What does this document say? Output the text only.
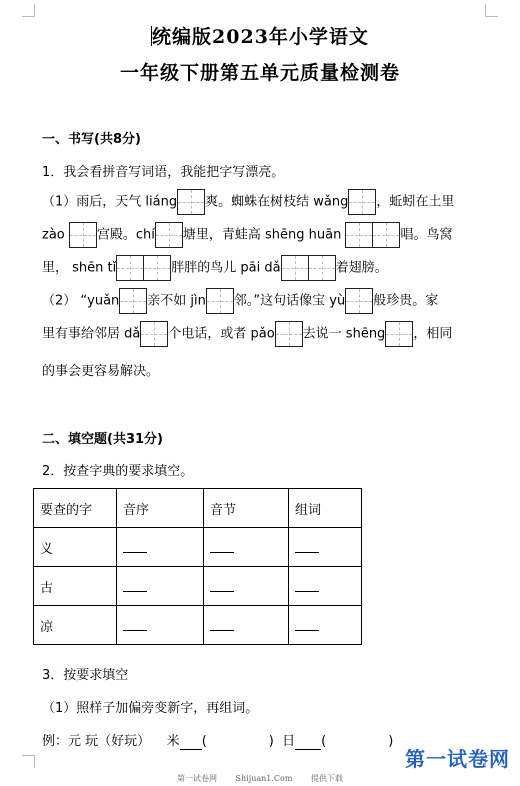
统编版2023年小学语文
一年级下册第五单元质量检测卷
一、书写(共8分)
1．我会看拼音写词语，我能把字写漂亮。
（1）雨后，天气 liáng 爽。蜘蛛在树枝结 wǎng ，蚯蚓在土里
zào 宫殿。chí 塘里，青蛙高 shēng huān	唱。鸟窝
里， shēn tǐ	胖胖的鸟儿 pāi dǎ	着翅膀。
（2） “yuǎn 亲不如 jìn 邻。”这句话像宝 yù 般珍贵。家
里有事给邻居 dǎ 个电话，或者 pǎo 去说一 shēng ，相同
的事会更容易解决。
二、填空题(共31分)
2．按查字典的要求填空。
要查的字	音序	音节	组词
义			
古			
凉			
3．按要求填空
（1）照样子加偏旁变新字，再组词。
例：元 玩（好玩） 米 (	) 日 (	)
第一试卷网 Shijuan1.Com 提供下载
第一试卷网
